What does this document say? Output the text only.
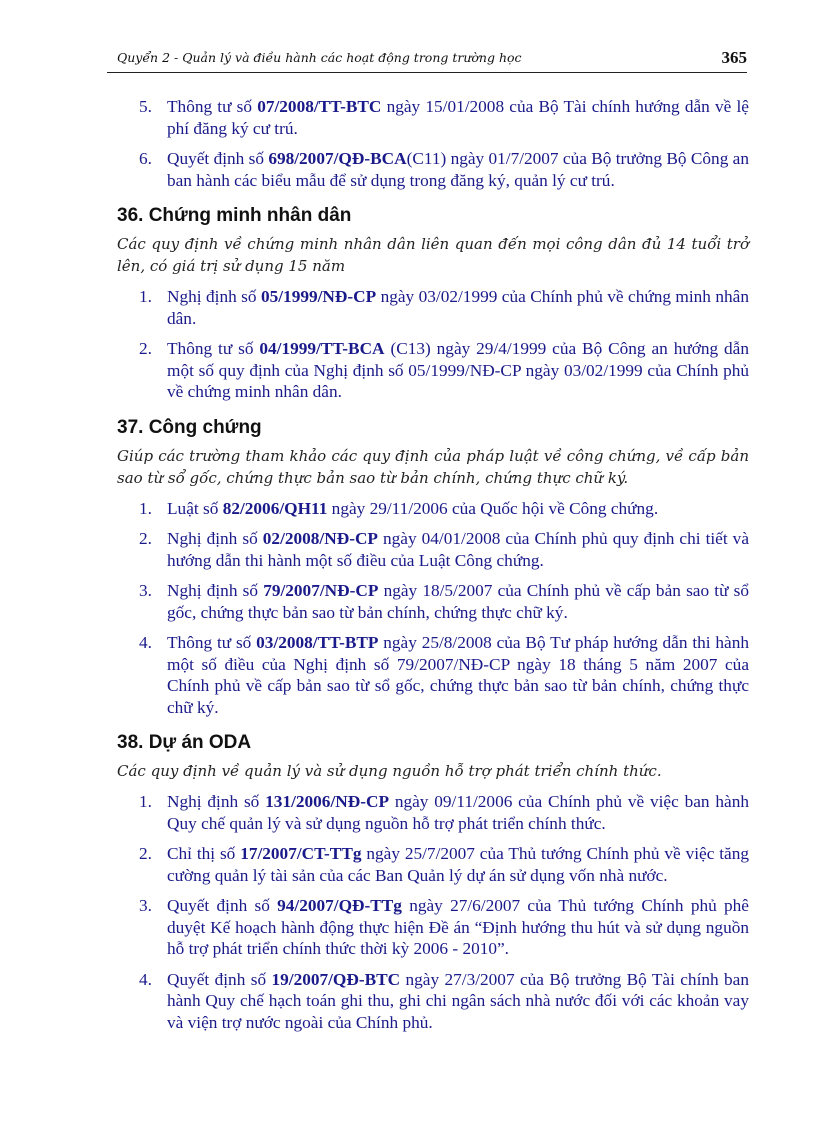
Quyển 2 - Quản lý và điều hành các hoạt động trong trường học	365
5. Thông tư số 07/2008/TT-BTC ngày 15/01/2008 của Bộ Tài chính hướng dẫn về lệ phí đăng ký cư trú.
6. Quyết định số 698/2007/QĐ-BCA(C11) ngày 01/7/2007 của Bộ trưởng Bộ Công an ban hành các biểu mẫu để sử dụng trong đăng ký, quản lý cư trú.
36. Chứng minh nhân dân
Các quy định về chứng minh nhân dân liên quan đến mọi công dân đủ 14 tuổi trở lên, có giá trị sử dụng 15 năm
1. Nghị định số 05/1999/NĐ-CP ngày 03/02/1999 của Chính phủ về chứng minh nhân dân.
2. Thông tư số 04/1999/TT-BCA (C13) ngày 29/4/1999 của Bộ Công an hướng dẫn một số quy định của Nghị định số 05/1999/NĐ-CP ngày 03/02/1999 của Chính phủ về chứng minh nhân dân.
37. Công chứng
Giúp các trường tham khảo các quy định của pháp luật về công chứng, về cấp bản sao từ sổ gốc, chứng thực bản sao từ bản chính, chứng thực chữ ký.
1. Luật số 82/2006/QH11 ngày 29/11/2006 của Quốc hội về Công chứng.
2. Nghị định số 02/2008/NĐ-CP ngày 04/01/2008 của Chính phủ quy định chi tiết và hướng dẫn thi hành một số điều của Luật Công chứng.
3. Nghị định số 79/2007/NĐ-CP ngày 18/5/2007 của Chính phủ về cấp bản sao từ sổ gốc, chứng thực bản sao từ bản chính, chứng thực chữ ký.
4. Thông tư số 03/2008/TT-BTP ngày 25/8/2008 của Bộ Tư pháp hướng dẫn thi hành một số điều của Nghị định số 79/2007/NĐ-CP ngày 18 tháng 5 năm 2007 của Chính phủ về cấp bản sao từ sổ gốc, chứng thực bản sao từ bản chính, chứng thực chữ ký.
38. Dự án ODA
Các quy định về quản lý và sử dụng nguồn hỗ trợ phát triển chính thức.
1. Nghị định số 131/2006/NĐ-CP ngày 09/11/2006 của Chính phủ về việc ban hành Quy chế quản lý và sử dụng nguồn hỗ trợ phát triển chính thức.
2. Chỉ thị số 17/2007/CT-TTg ngày 25/7/2007 của Thủ tướng Chính phủ về việc tăng cường quản lý tài sản của các Ban Quản lý dự án sử dụng vốn nhà nước.
3. Quyết định số 94/2007/QĐ-TTg ngày 27/6/2007 của Thủ tướng Chính phủ phê duyệt Kế hoạch hành động thực hiện Đề án “Định hướng thu hút và sử dụng nguồn hỗ trợ phát triển chính thức thời kỳ 2006 - 2010”.
4. Quyết định số 19/2007/QĐ-BTC ngày 27/3/2007 của Bộ trưởng Bộ Tài chính ban hành Quy chế hạch toán ghi thu, ghi chi ngân sách nhà nước đối với các khoản vay và viện trợ nước ngoài của Chính phủ.
